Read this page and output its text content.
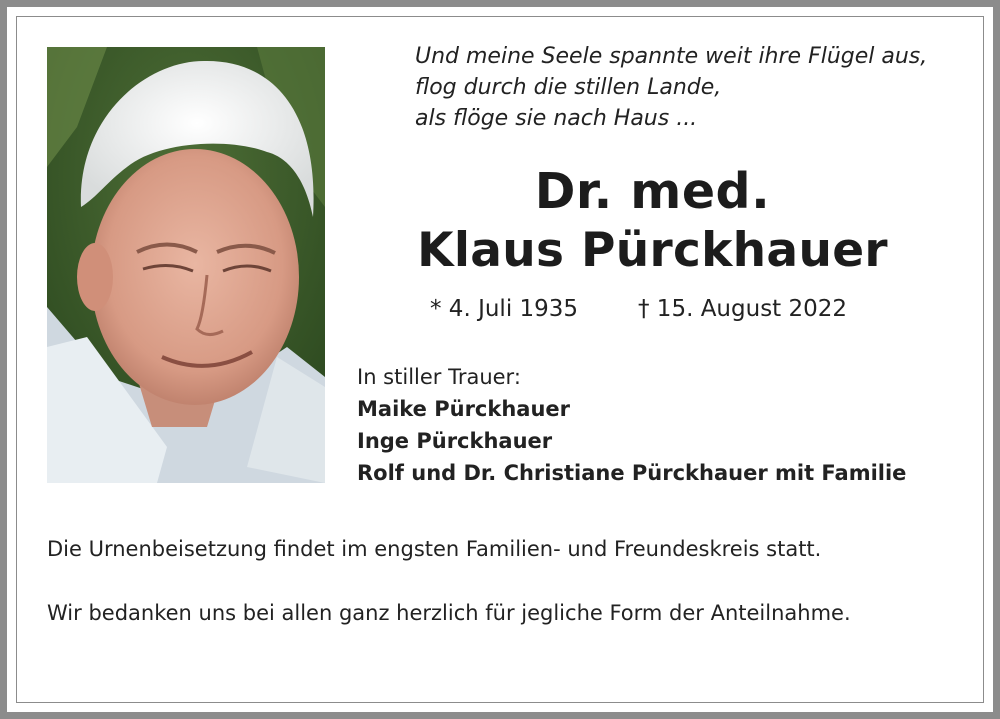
Und meine Seele spannte weit ihre Flügel aus,
flog durch die stillen Lande,
als flöge sie nach Haus ...
Dr. med.
Klaus Pürckhauer
* 4. Juli 1935	† 15. August 2022
In stiller Trauer:
Maike Pürckhauer
Inge Pürckhauer
Rolf und Dr. Christiane Pürckhauer mit Familie
Die Urnenbeisetzung findet im engsten Familien- und Freundeskreis statt.
Wir bedanken uns bei allen ganz herzlich für jegliche Form der Anteilnahme.
